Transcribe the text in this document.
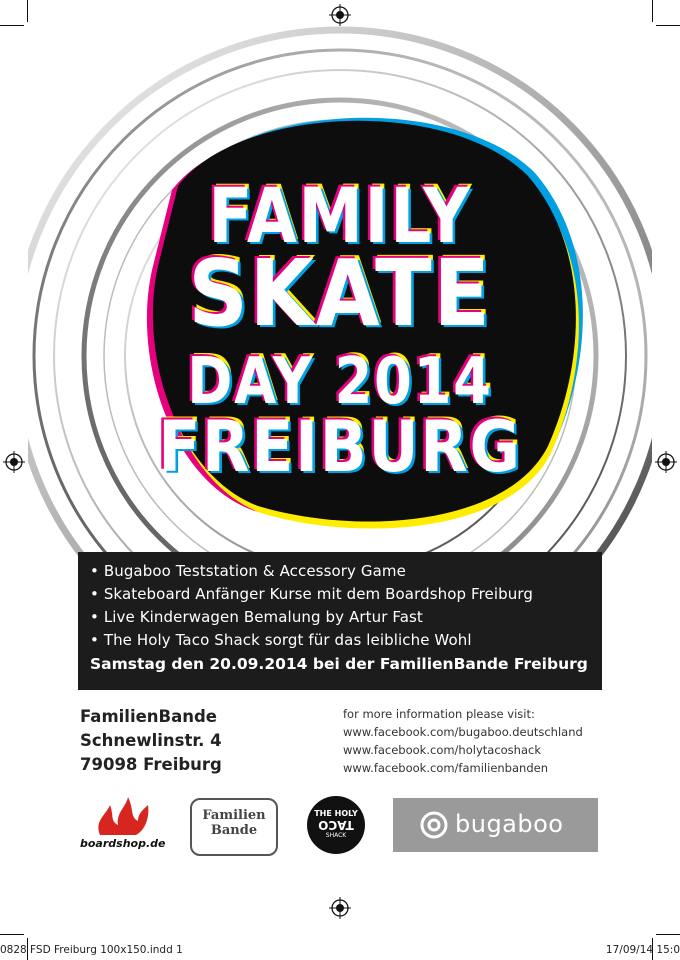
FAMILY
SKATE
DAY 2014
FREIBURG
• Bugaboo Teststation & Accessory Game
• Skateboard Anfänger Kurse mit dem Boardshop Freiburg
• Live Kinderwagen Bemalung by Artur Fast
• The Holy Taco Shack sorgt für das leibliche Wohl
Samstag den 20.09.2014 bei der FamilienBande Freiburg
FamilienBande
Schnewlinstr. 4
79098 Freiburg
for more information please visit:
www.facebook.com/bugaboo.deutschland
www.facebook.com/holytacoshack
www.facebook.com/familienbanden
boardshop.de
Familien
Bande
THE HOLY
TACO
SHACK	bugaboo
0828 FSD Freiburg 100x150.indd 1	17/09/14 15:0
